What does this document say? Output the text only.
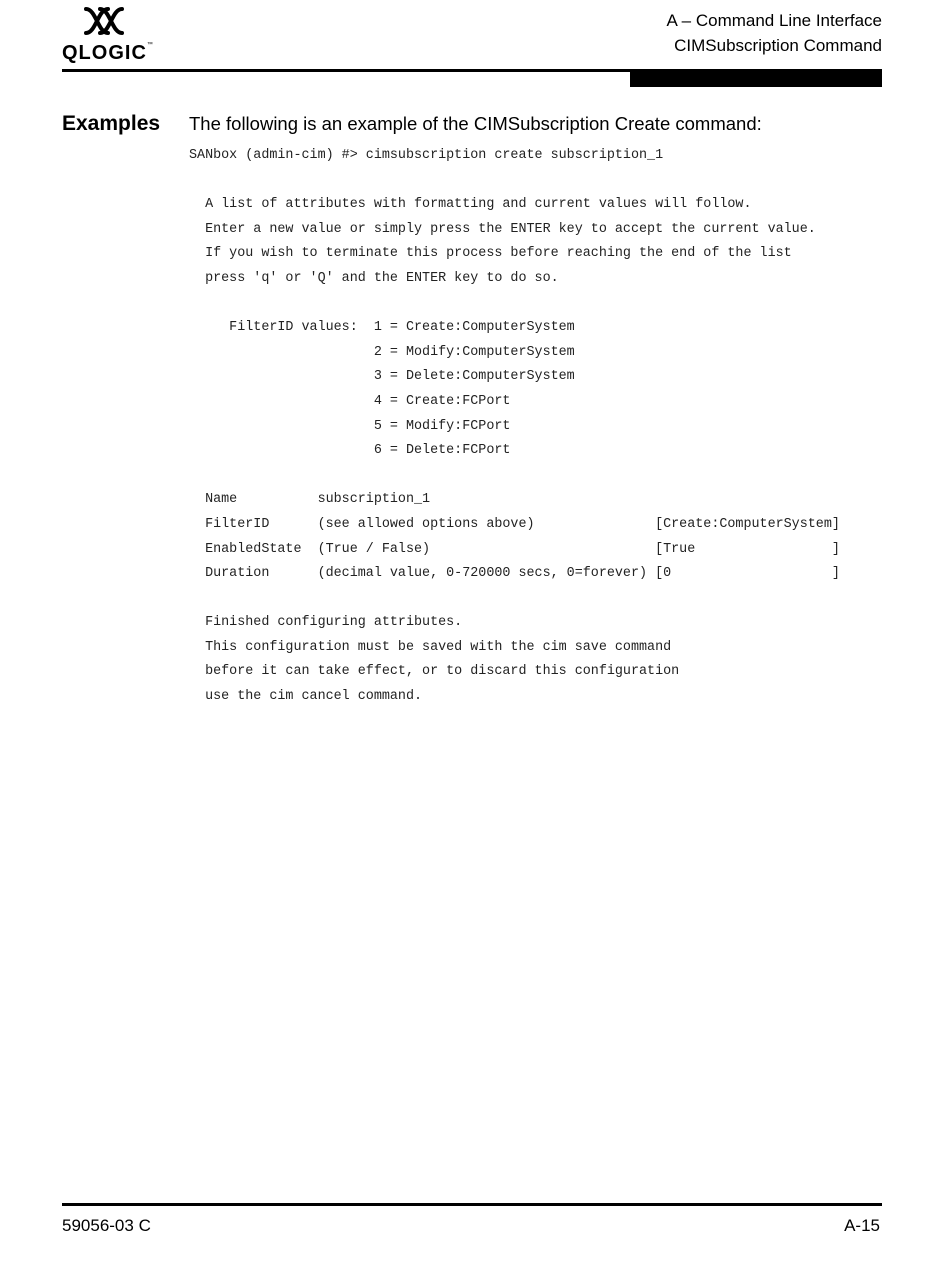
QLOGIC™
A – Command Line Interface
CIMSubscription Command
Examples The following is an example of the CIMSubscription Create command:
SANbox (admin-cim) #> cimsubscription create subscription_1

A list of attributes with formatting and current values will follow.
Enter a new value or simply press the ENTER key to accept the current value.
If you wish to terminate this process before reaching the end of the list
press 'q' or 'Q' and the ENTER key to do so.

FilterID values:  1 = Create:ComputerSystem
2 = Modify:ComputerSystem
3 = Delete:ComputerSystem
4 = Create:FCPort
5 = Modify:FCPort
6 = Delete:FCPort

Name          subscription_1
FilterID      (see allowed options above)               [Create:ComputerSystem]
EnabledState  (True / False)                            [True                 ]
Duration      (decimal value, 0-720000 secs, 0=forever) [0                    ]

Finished configuring attributes.
This configuration must be saved with the cim save command
before it can take effect, or to discard this configuration
use the cim cancel command.
59056-03 C	A-15
